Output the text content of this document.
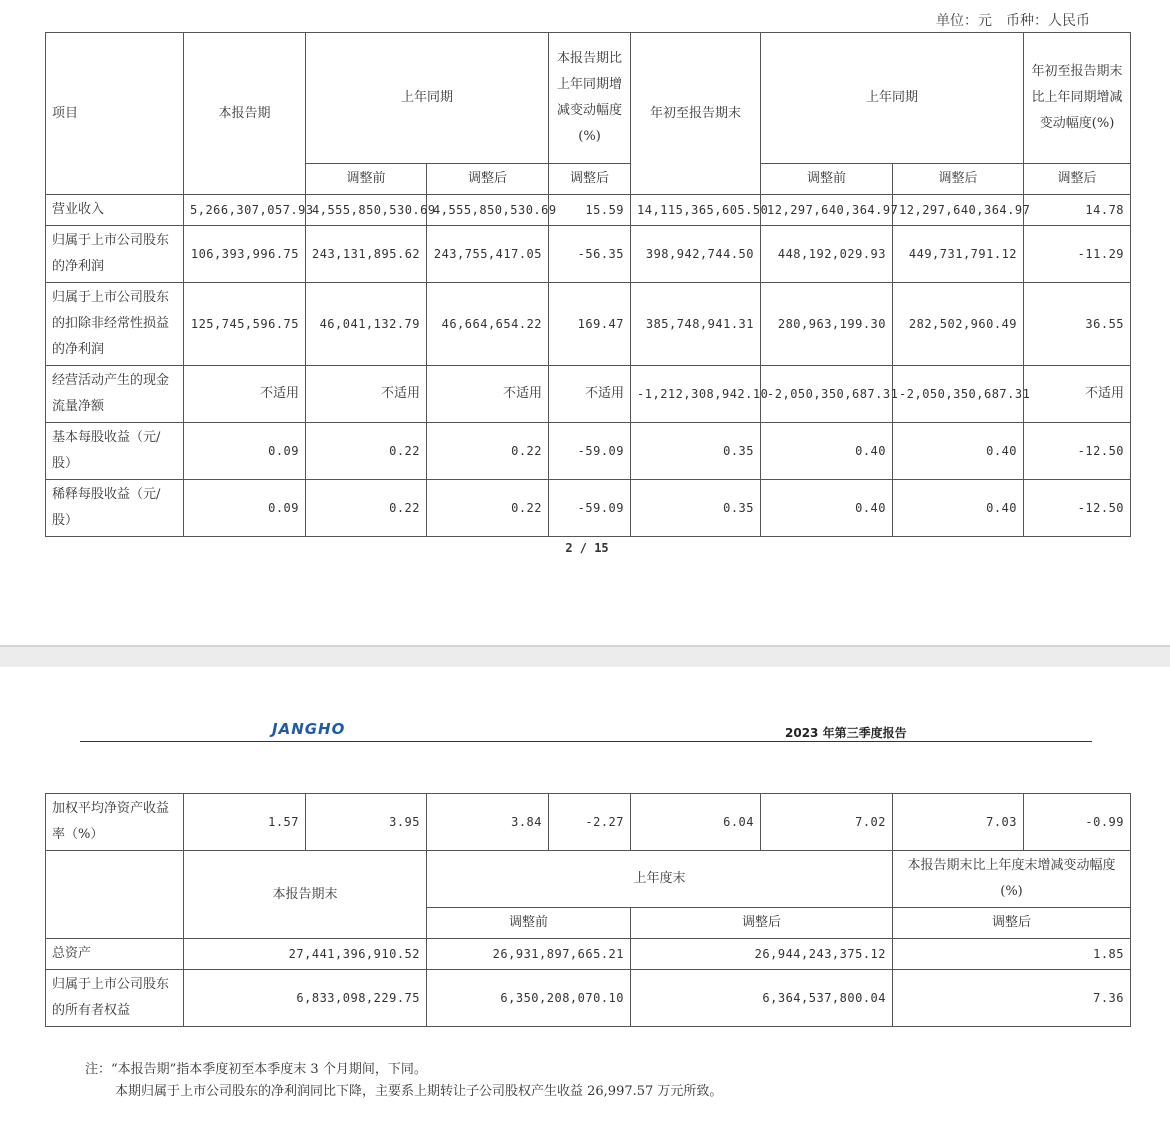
单位：元　币种：人民币
项目	本报告期	上年同期		本报告期比上年同期增减变动幅度(%)	年初至报告期末	上年同期		年初至报告期末比上年同期增减变动幅度(%)
		调整前	调整后	调整后		调整前	调整后	调整后
营业收入	5,266,307,057.93	4,555,850,530.69	4,555,850,530.69	15.59	14,115,365,605.50	12,297,640,364.97	12,297,640,364.97	14.78
归属于上市公司股东的净利润	106,393,996.75	243,131,895.62	243,755,417.05	-56.35	398,942,744.50	448,192,029.93	449,731,791.12	-11.29
归属于上市公司股东的扣除非经常性损益的净利润	125,745,596.75	46,041,132.79	46,664,654.22	169.47	385,748,941.31	280,963,199.30	282,502,960.49	36.55
经营活动产生的现金流量净额	不适用	不适用	不适用	不适用	-1,212,308,942.10	-2,050,350,687.31	-2,050,350,687.31	不适用
基本每股收益（元/股）	0.09	0.22	0.22	-59.09	0.35	0.40	0.40	-12.50
稀释每股收益（元/股）	0.09	0.22	0.22	-59.09	0.35	0.40	0.40	-12.50
2 / 15
JANGHO	2023 年第三季度报告
加权平均净资产收益率（%）	1.57	3.95	3.84	-2.27	6.04	7.02	7.03	-0.99
	本报告期末		上年度末				本报告期末比上年度末增减变动幅度(%)	
			调整前		调整后		调整后	
总资产	27,441,396,910.52		26,931,897,665.21		26,944,243,375.12		1.85	
归属于上市公司股东的所有者权益	6,833,098,229.75		6,350,208,070.10		6,364,537,800.04		7.36	
注：“本报告期”指本季度初至本季度末 3 个月期间，下同。
本期归属于上市公司股东的净利润同比下降，主要系上期转让子公司股权产生收益 26,997.57 万元所致。
